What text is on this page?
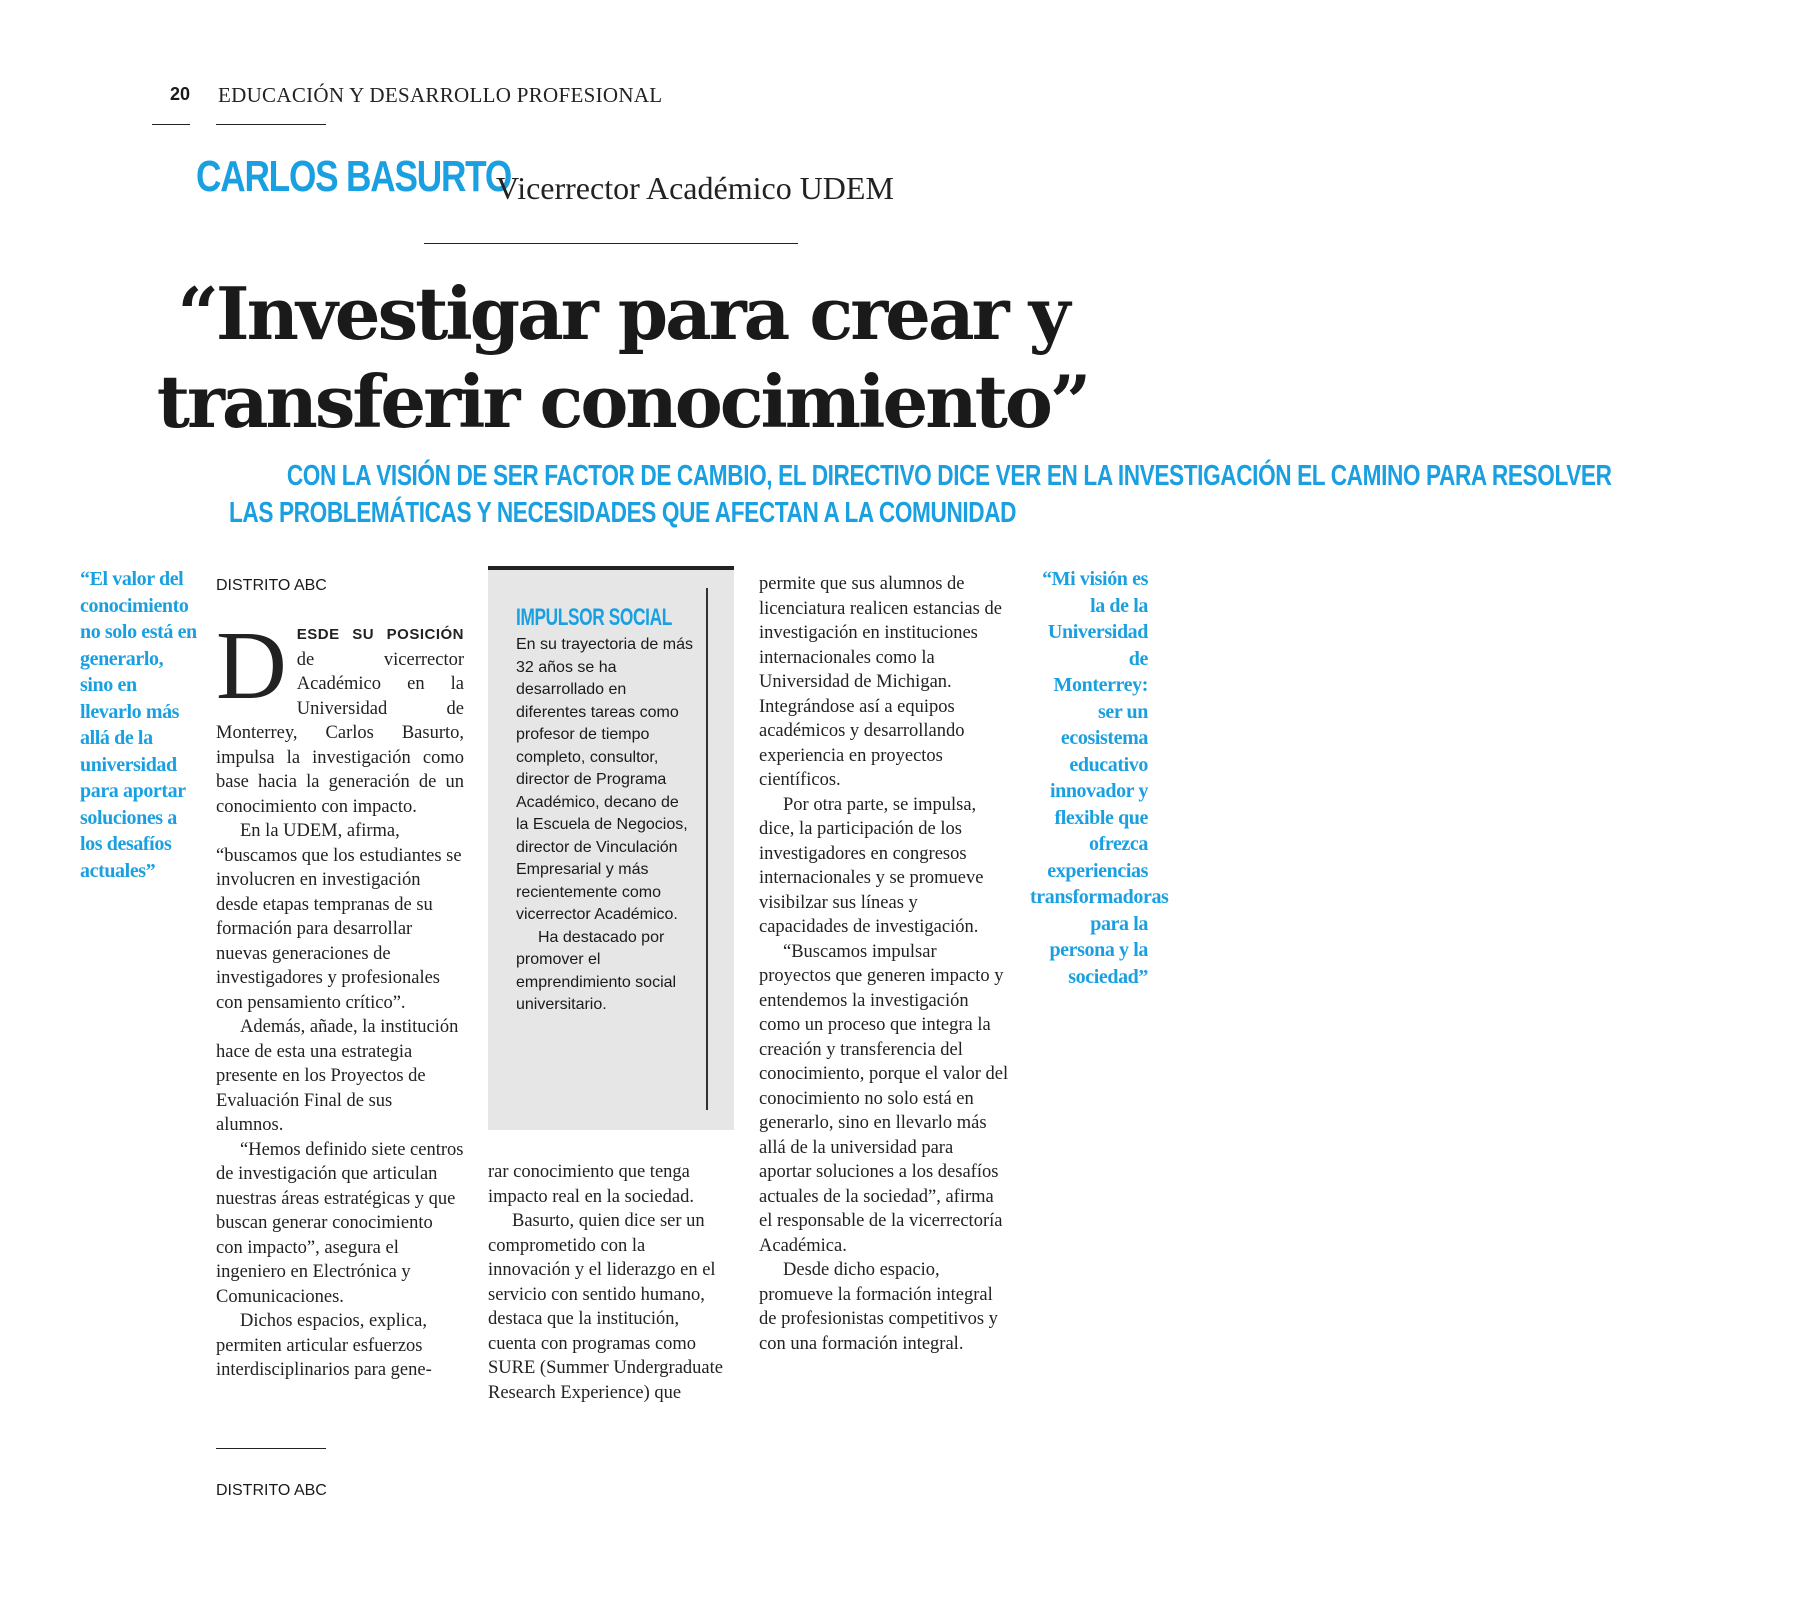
20 EDUCACIÓN Y DESARROLLO PROFESIONAL
CARLOS BASURTO
Vicerrector Académico UDEM
“Investigar para crear y
transferir conocimiento”
CON LA VISIÓN DE SER FACTOR DE CAMBIO, EL DIRECTIVO DICE VER EN LA INVESTIGACIÓN EL CAMINO PARA RESOLVER
LAS PROBLEMÁTICAS Y NECESIDADES QUE AFECTAN A LA COMUNIDAD
“El valor del conocimiento no solo está en generarlo, sino en llevarlo más allá de la universidad para aportar soluciones a los desafíos actuales”
“Mi visión es la de la Universidad de Monterrey: ser un ecosistema educativo innovador y flexible que ofrezca experiencias transformadoras para la persona y la sociedad”
DISTRITO ABC

DESDE SU POSICIÓN de vicerrector Académico en la Universidad de Monterrey, Carlos Basurto, impulsa la investigación como base hacia la generación de un conocimiento con impacto.

En la UDEM, afirma, “buscamos que los estudiantes se involucren en investigación desde etapas tempranas de su formación para desarrollar nuevas generaciones de investigadores y profesionales con pensamiento crítico”.

Además, añade, la institución hace de esta una estrategia presente en los Proyectos de Evaluación Final de sus alumnos.

“Hemos definido siete centros de investigación que articulan nuestras áreas estratégicas y que buscan generar conocimiento con impacto”, asegura el ingeniero en Electrónica y Comunicaciones.

Dichos espacios, explica, permiten articular esfuerzos interdisciplinarios para gene-

IMPULSOR SOCIAL

En su trayectoria de más 32 años se ha desarrollado en diferentes tareas como profesor de tiempo completo, consultor, director de Programa Académico, decano de la Escuela de Negocios, director de Vinculación Empresarial y más recientemente como vicerrector Académico.

Ha destacado por promover el emprendimiento social universitario.

rar conocimiento que tenga impacto real en la sociedad.

Basurto, quien dice ser un comprometido con la innovación y el liderazgo en el servicio con sentido humano, destaca que la institución, cuenta con programas como SURE (Summer Undergraduate Research Experience) que

permite que sus alumnos de licenciatura realicen estancias de investigación en instituciones internacionales como la Universidad de Michigan. Integrándose así a equipos académicos y desarrollando experiencia en proyectos científicos.

Por otra parte, se impulsa, dice, la participación de los investigadores en congresos internacionales y se promueve visibilzar sus líneas y capacidades de investigación.

“Buscamos impulsar proyectos que generen impacto y entendemos la investigación como un proceso que integra la creación y transferencia del conocimiento, porque el valor del conocimiento no solo está en generarlo, sino en llevarlo más allá de la universidad para aportar soluciones a los desafíos actuales de la sociedad”, afirma el responsable de la vicerrectoría Académica.

Desde dicho espacio, promueve la formación integral de profesionistas competitivos y con una formación integral.

DISTRITO ABC
